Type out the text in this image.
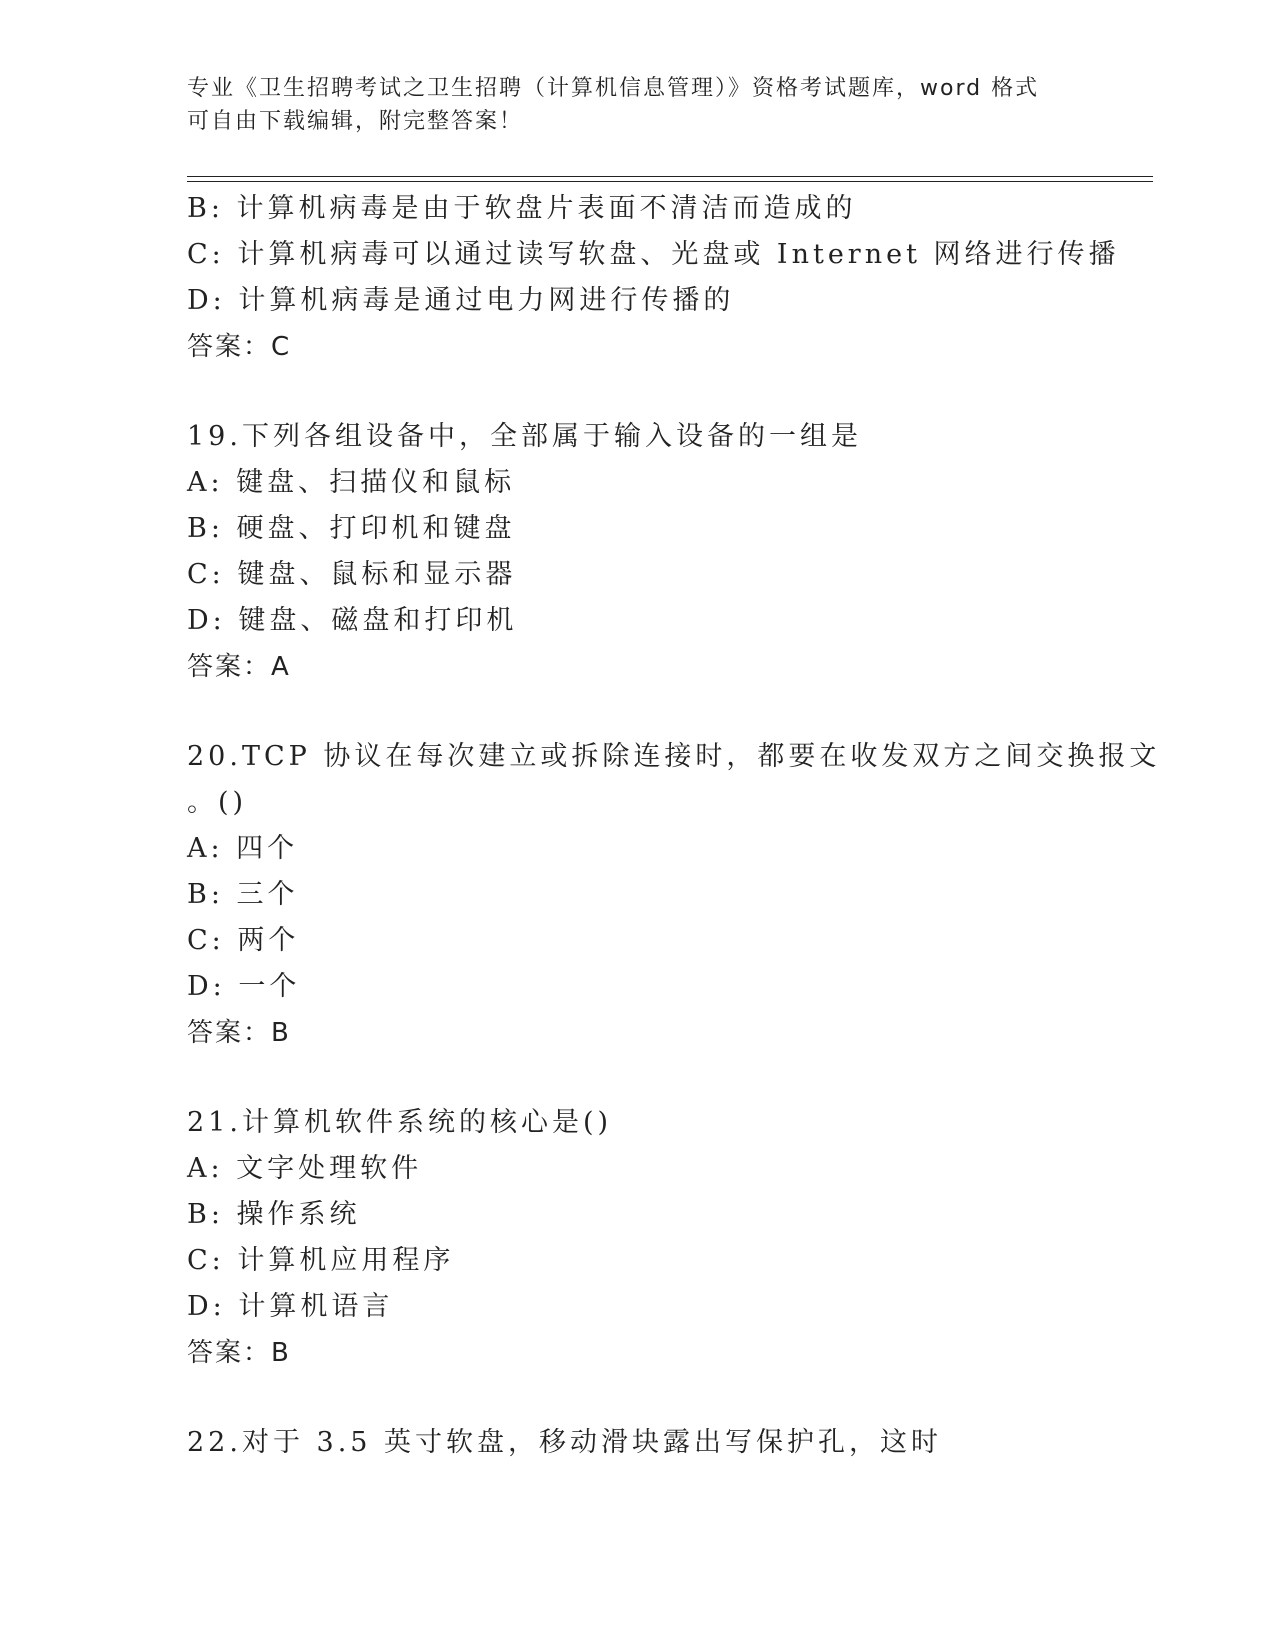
专业《卫生招聘考试之卫生招聘（计算机信息管理）》资格考试题库，word 格式
可自由下载编辑，附完整答案！
B: 计算机病毒是由于软盘片表面不清洁而造成的
C: 计算机病毒可以通过读写软盘、光盘或 Internet 网络进行传播
D: 计算机病毒是通过电力网进行传播的
答案：C
19.下列各组设备中，全部属于输入设备的一组是
A: 键盘、扫描仪和鼠标
B: 硬盘、打印机和键盘
C: 键盘、鼠标和显示器
D: 键盘、磁盘和打印机
答案：A
20.TCP 协议在每次建立或拆除连接时，都要在收发双方之间交换报文
。()
A: 四个
B: 三个
C: 两个
D: 一个
答案：B
21.计算机软件系统的核心是()
A: 文字处理软件
B: 操作系统
C: 计算机应用程序
D: 计算机语言
答案：B
22.对于 3.5 英寸软盘，移动滑块露出写保护孔，这时
